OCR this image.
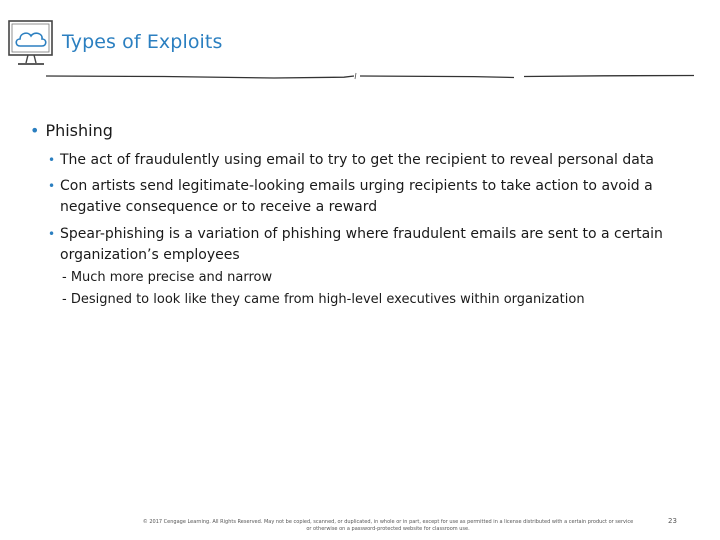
Types of Exploits
• Phishing
• The act of fraudulently using email to try to get the recipient to reveal personal data
• Con artists send legitimate-looking emails urging recipients to take action to avoid a negative consequence or to receive a reward
• Spear-phishing is a variation of phishing where fraudulent emails are sent to a certain organization’s employees
- Much more precise and narrow
- Designed to look like they came from high-level executives within organization
© 2017 Cengage Learning. All Rights Reserved. May not be copied, scanned, or duplicated, in whole or in part, except for use as permitted in a license distributed with a certain product or service
or otherwise on a password-protected website for classroom use.
23
